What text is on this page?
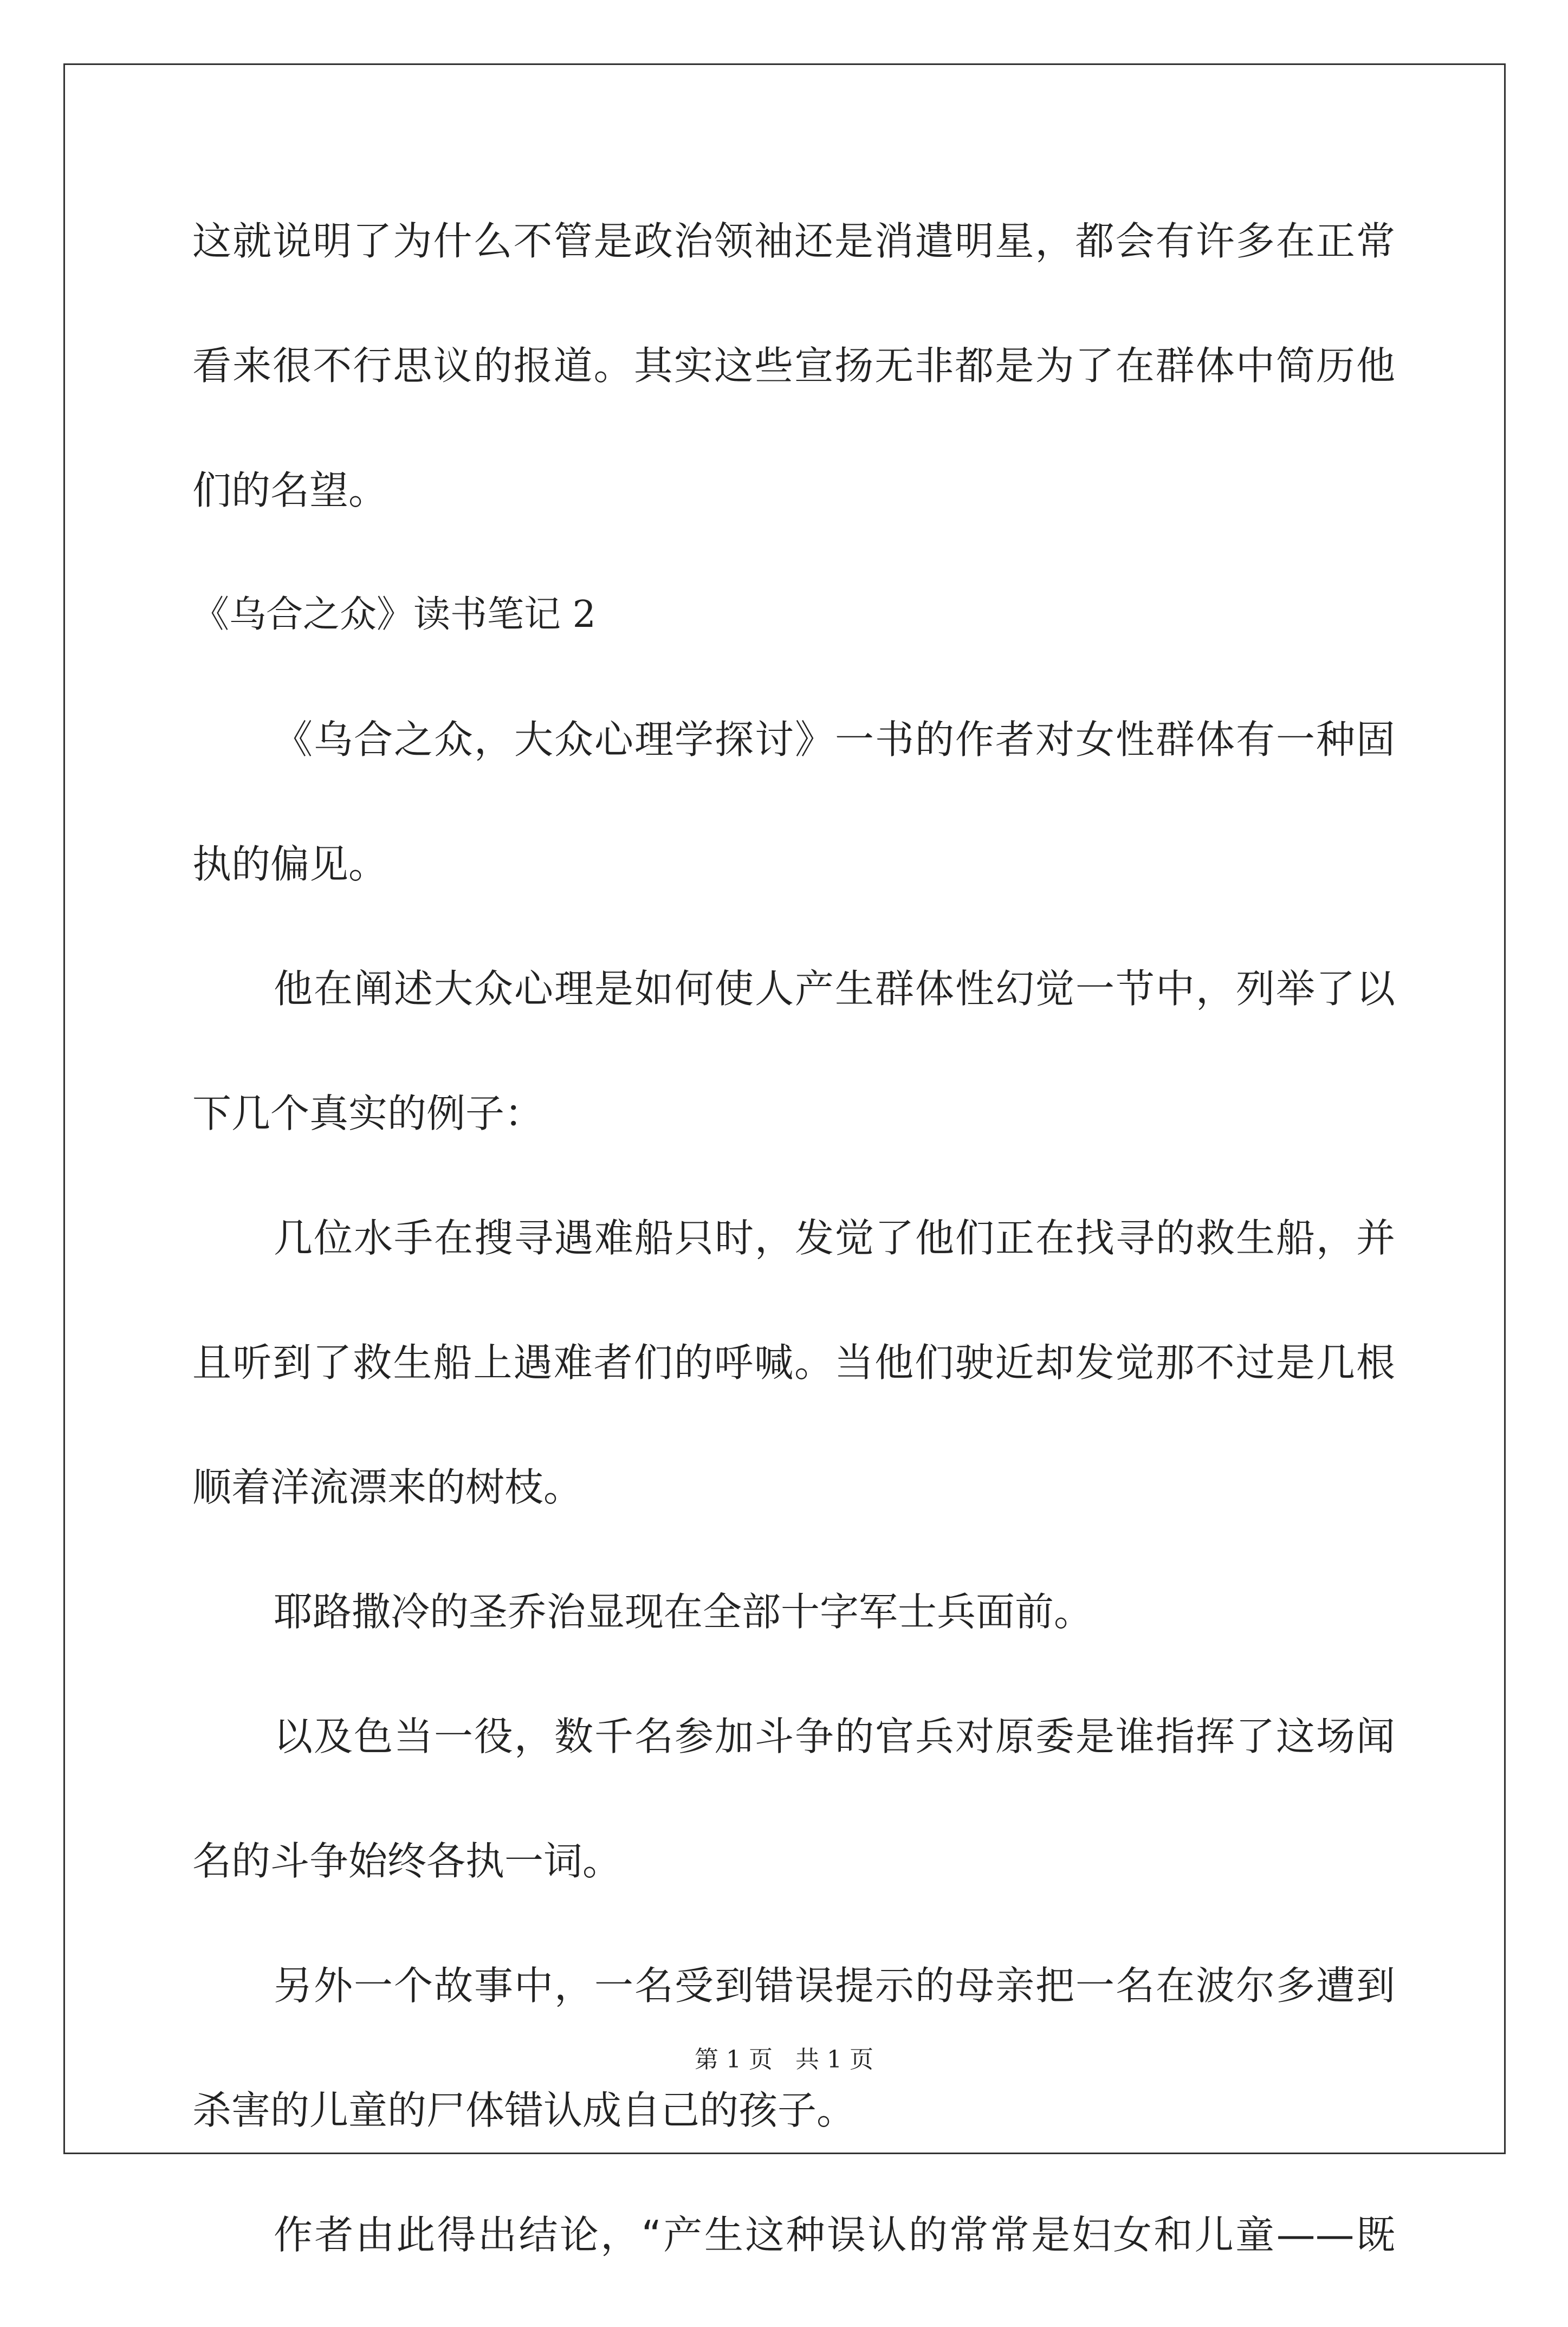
这就说明了为什么不管是政治领袖还是消遣明星，都会有许多在正常
看来很不行思议的报道。其实这些宣扬无非都是为了在群体中简历他
们的名望。
《乌合之众》读书笔记 2
《乌合之众，大众心理学探讨》一书的作者对女性群体有一种固
执的偏见。
他在阐述大众心理是如何使人产生群体性幻觉一节中，列举了以
下几个真实的例子：
几位水手在搜寻遇难船只时，发觉了他们正在找寻的救生船，并
且听到了救生船上遇难者们的呼喊。当他们驶近却发觉那不过是几根
顺着洋流漂来的树枝。
耶路撒冷的圣乔治显现在全部十字军士兵面前。
以及色当一役，数千名参加斗争的官兵对原委是谁指挥了这场闻
名的斗争始终各执一词。
另外一个故事中，一名受到错误提示的母亲把一名在波尔多遭到
杀害的儿童的尸体错认成自己的孩子。
作者由此得出结论，“产生这种误认的常常是妇女和儿童——既
第 1 页 共 1 页
